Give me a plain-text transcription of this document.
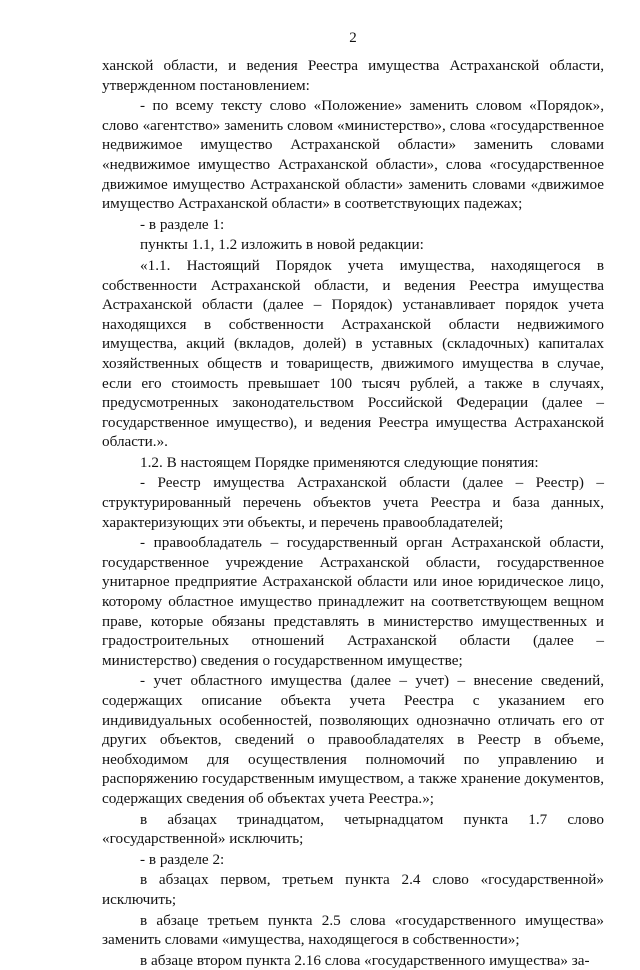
2

ханской области, и ведения Реестра имущества Астраханской области, утвержденном постановлением:

- по всему тексту слово «Положение» заменить словом «Порядок», слово «агентство» заменить словом «министерство», слова «государственное недвижимое имущество Астраханской области» заменить словами «недвижимое имущество Астраханской области», слова «государственное движимое имущество Астраханской области» заменить словами «движимое имущество Астраханской области» в соответствующих падежах;

- в разделе 1:

пункты 1.1, 1.2 изложить в новой редакции:

«1.1. Настоящий Порядок учета имущества, находящегося в собственности Астраханской области, и ведения Реестра имущества Астраханской области (далее – Порядок) устанавливает порядок учета находящихся в собственности Астраханской области недвижимого имущества, акций (вкладов, долей) в уставных (складочных) капиталах хозяйственных обществ и товариществ, движимого имущества в случае, если его стоимость превышает 100 тысяч рублей, а также в случаях, предусмотренных законодательством Российской Федерации (далее – государственное имущество), и ведения Реестра имущества Астраханской области.».

1.2. В настоящем Порядке применяются следующие понятия:

- Реестр имущества Астраханской области (далее – Реестр) – структурированный перечень объектов учета Реестра и база данных, характеризующих эти объекты, и перечень правообладателей;

- правообладатель – государственный орган Астраханской области, государственное учреждение Астраханской области, государственное унитарное предприятие Астраханской области или иное юридическое лицо, которому областное имущество принадлежит на соответствующем вещном праве, которые обязаны представлять в министерство имущественных и градостроительных отношений Астраханской области (далее – министерство) сведения о государственном имуществе;

- учет областного имущества (далее – учет) – внесение сведений, содержащих описание объекта учета Реестра с указанием его индивидуальных особенностей, позволяющих однозначно отличать его от других объектов, сведений о правообладателях в Реестр в объеме, необходимом для осуществления полномочий по управлению и распоряжению государственным имуществом, а также хранение документов, содержащих сведения об объектах учета Реестра.»;

в абзацах тринадцатом, четырнадцатом пункта 1.7 слово «государственной» исключить;

- в разделе 2:

в абзацах первом, третьем пункта 2.4 слово «государственной» исключить;

в абзаце третьем пункта 2.5 слова «государственного имущества» заменить словами «имущества, находящегося в собственности»;

в абзаце втором пункта 2.16 слова «государственного имущества» за-
